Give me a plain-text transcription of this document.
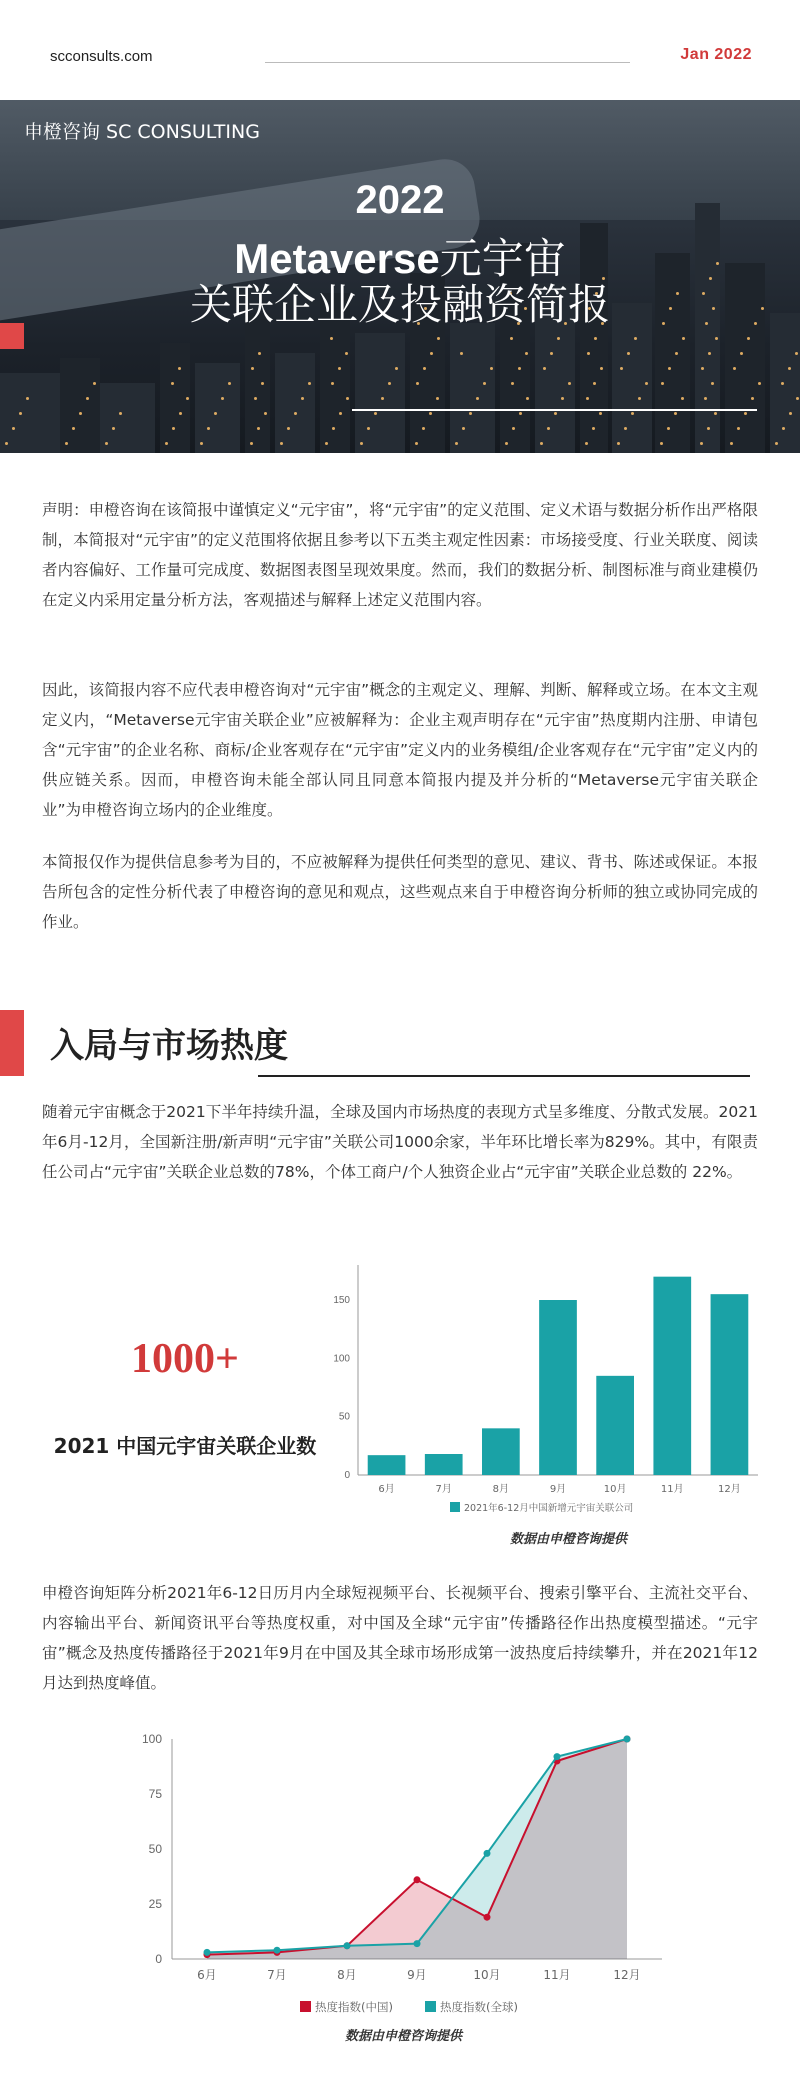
scconsults.com	Jan 2022
申橙咨询 SC CONSULTING
2022
Metaverse元宇宙
关联企业及投融资简报

声明：申橙咨询在该简报中谨慎定义“元宇宙”，将“元宇宙”的定义范围、定义术语与数据分析作出严格限制，本简报对“元宇宙”的定义范围将依据且参考以下五类主观定性因素：市场接受度、行业关联度、阅读者内容偏好、工作量可完成度、数据图表图呈现效果度。然而，我们的数据分析、制图标准与商业建模仍在定义内采用定量分析方法，客观描述与解释上述定义范围内容。

因此，该简报内容不应代表申橙咨询对“元宇宙”概念的主观定义、理解、判断、解释或立场。在本文主观定义内，“Metaverse元宇宙关联企业”应被解释为：企业主观声明存在“元宇宙”热度期内注册、申请包含“元宇宙”的企业名称、商标/企业客观存在“元宇宙”定义内的业务模组/企业客观存在“元宇宙”定义内的供应链关系。因而，申橙咨询未能全部认同且同意本简报内提及并分析的“Metaverse元宇宙关联企业”为申橙咨询立场内的企业维度。

本简报仅作为提供信息参考为目的，不应被解释为提供任何类型的意见、建议、背书、陈述或保证。本报告所包含的定性分析代表了申橙咨询的意见和观点，这些观点来自于申橙咨询分析师的独立或协同完成的作业。

入局与市场热度

随着元宇宙概念于2021下半年持续升温，全球及国内市场热度的表现方式呈多维度、分散式发展。2021年6月-12月，全国新注册/新声明“元宇宙”关联公司1000余家，半年环比增长率为829%。其中，有限责任公司占“元宇宙”关联企业总数的78%，个体工商户/个人独资企业占“元宇宙”关联企业总数的 22%。

1000+
2021 中国元宇宙关联企业数
0
50
100
150
6月	7月	8月	9月	10月	11月	12月
2021年6-12月中国新增元宇宙关联公司
数据由申橙咨询提供

申橙咨询矩阵分析2021年6-12日历月内全球短视频平台、长视频平台、搜索引擎平台、主流社交平台、内容输出平台、新闻资讯平台等热度权重，对中国及全球“元宇宙”传播路径作出热度模型描述。“元宇宙”概念及热度传播路径于2021年9月在中国及其全球市场形成第一波热度后持续攀升，并在2021年12月达到热度峰值。

0
25
50
75
100
6月	7月	8月	9月	10月	11月	12月
热度指数(中国)	热度指数(全球)
数据由申橙咨询提供
